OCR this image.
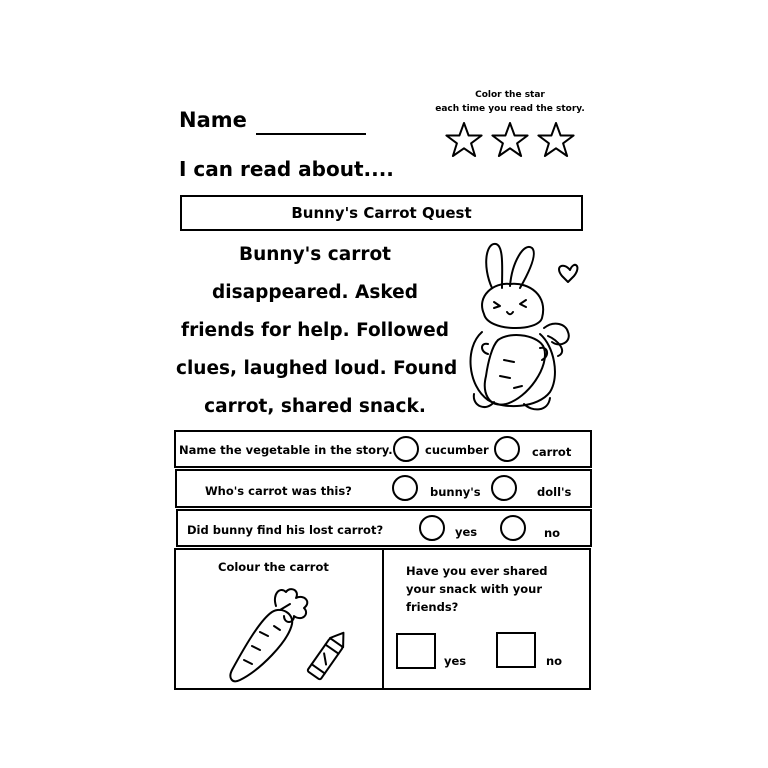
Name
Color the star
each time you read the story.
I can read about....
Bunny's Carrot Quest
Bunny's carrot
disappeared. Asked
friends for help. Followed
clues, laughed loud. Found
carrot, shared snack.
Name the vegetable in the story.	cucumber	carrot
Who's carrot was this?	bunny's	doll's
Did bunny find his lost carrot?	yes	no
Colour the carrot	Have you ever shared
your snack with your
friends?
yes	no
